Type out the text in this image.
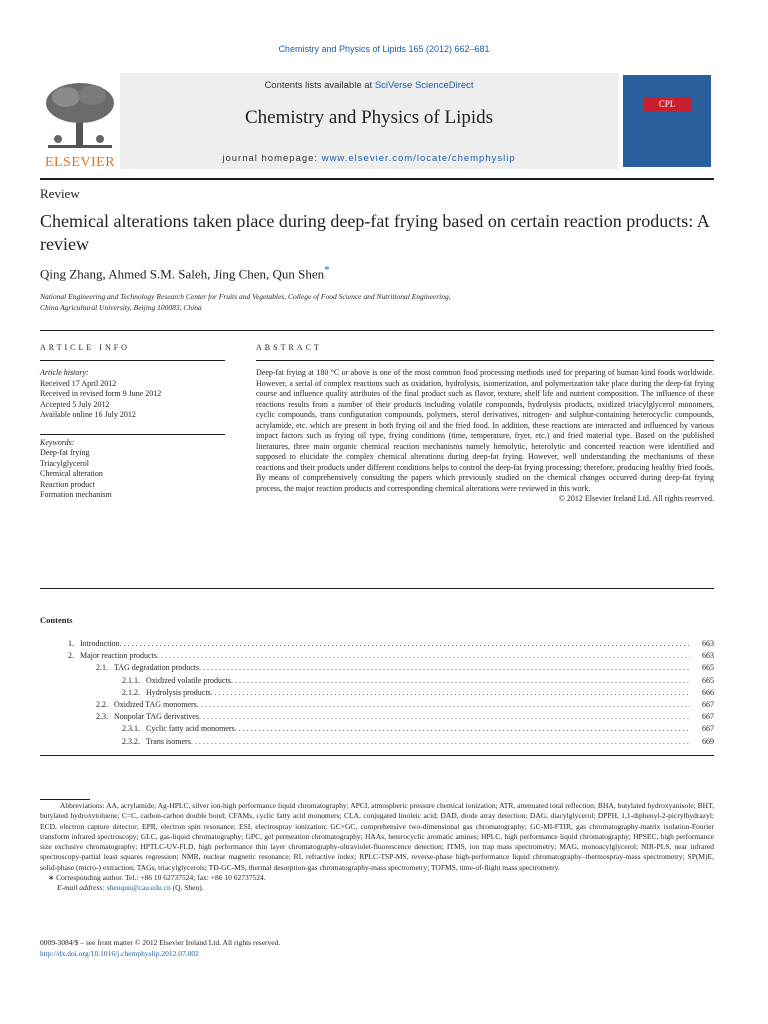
Chemistry and Physics of Lipids 165 (2012) 662–681
ELSEVIER
Contents lists available at SciVerse ScienceDirect
Chemistry and Physics of Lipids
journal homepage: www.elsevier.com/locate/chemphyslip
CPL
Review
Chemical alterations taken place during deep-fat frying based on certain reaction products: A review
Qing Zhang, Ahmed S.M. Saleh, Jing Chen, Qun Shen*
National Engineering and Technology Research Center for Fruits and Vegetables, College of Food Science and Nutritional Engineering,
China Agricultural University, Beijing 100083, China
ARTICLE INFO	ABSTRACT
Article history:
Received 17 April 2012
Received in revised form 9 June 2012
Accepted 5 July 2012
Available online 16 July 2012
Keywords:
Deep-fat frying
Triacylglycerol
Chemical alteration
Reaction product
Formation mechanism
Deep-fat frying at 180 °C or above is one of the most common food processing methods used for preparing of human kind foods worldwide. However, a serial of complex reactions such as oxidation, hydrolysis, isomerization, and polymerization take place during the deep-fat frying course and influence quality attributes of the final product such as flavor, texture, shelf life and nutrient composition. The influence of these reactions results from a number of their products including volatile compounds, hydrolysis products, oxidized triacylglycerol monomers, cyclic compounds, trans configuration compounds, polymers, sterol derivatives, nitrogen- and sulphur-containing heterocyclic compounds, acrylamide, etc. which are present in both frying oil and the fried food. In addition, these reactions are interacted and influenced by various impact factors such as frying oil type, frying conditions (time, temperature, fryer, etc.) and fried material type. Based on the published literatures, three main organic chemical reaction mechanisms namely hemolytic, heterolytic and concerted reaction were identified and supposed to elucidate the complex chemical alterations during deep-fat frying. However, well understanding the mechanisms of these reactions and their products under different conditions helps to control the deep-fat frying processing; therefore, producing healthy fried foods. By means of comprehensively consulting the papers which previously studied on the chemical changes occurred during deep-fat frying process, the major reaction products and corresponding chemical alterations were reviewed in this work.
© 2012 Elsevier Ireland Ltd. All rights reserved.
Contents
1. Introduction . . .	663
2. Major reaction products . . .	663
2.1. TAG degradation products . . .	665
2.1.1. Oxidized volatile products . . .	665
2.1.2. Hydrolysis products . . .	666
2.2. Oxidized TAG monomers . . .	667
2.3. Nonpolar TAG derivatives . . .	667
2.3.1. Cyclic fatty acid monomers . . .	667
2.3.2. Trans isomers . . .	669
Abbreviations: AA, acrylamide; Ag-HPLC, silver ion-high performance liquid chromatography; APCI, atmospheric pressure chemical ionization; ATR, attenuated total reflection; BHA, butylated hydroxyanisole; BHT, butylated hydroxytoluene; C=C, carbon-carbon double bond; CFAMs, cyclic fatty acid monomers; CLA, conjugated linoleic acid; DAD, diode array detection; DAG, diacylglycerol; DPPH, 1,1-diphenyl-2-picrylhydrazyl; ECD, electron capture detector; EPR, electron spin resonance; ESI, electrospray ionization; GC×GC, comprehensive two-dimensional gas chromatography; GC-MI-FTIR, gas chromatography-matrix isolation-Fourier transform infrared spectroscopy; GLC, gas-liquid chromatography; GPC, gel permeation chromatography; HAAs, heterocyclic aromatic amines; HPLC, high performance liquid chromatography; HPSEC, high performance size exclusive chromatography; HPTLC-UV-FLD, high performance thin layer chromatography-ultraviolet-fluorescence detection; ITMS, ion trap mass spectrometry; MAG, monoacylglycerol; NIR-PLS, near infrared spectroscopy-partial least squares regression; NMR, nuclear magnetic resonance; RI, refractive index; RPLC-TSP-MS, reverse-phase high-performance liquid chromatography–thermospray-mass spectrometry; SP(M)E, solid-phase (micro-) extraction; TAGs, triacylglycerols; TD-GC-MS, thermal desorption-gas chromatography-mass spectrometry; TOFMS, time-of-flight mass spectrometry.
∗ Corresponding author. Tel.: +86 10 62737524; fax: +86 10 62737524.
E-mail address: shenqun@cau.edu.cn (Q. Shen).
0009-3084/$ – see front matter © 2012 Elsevier Ireland Ltd. All rights reserved.
http://dx.doi.org/10.1016/j.chemphyslip.2012.07.002
